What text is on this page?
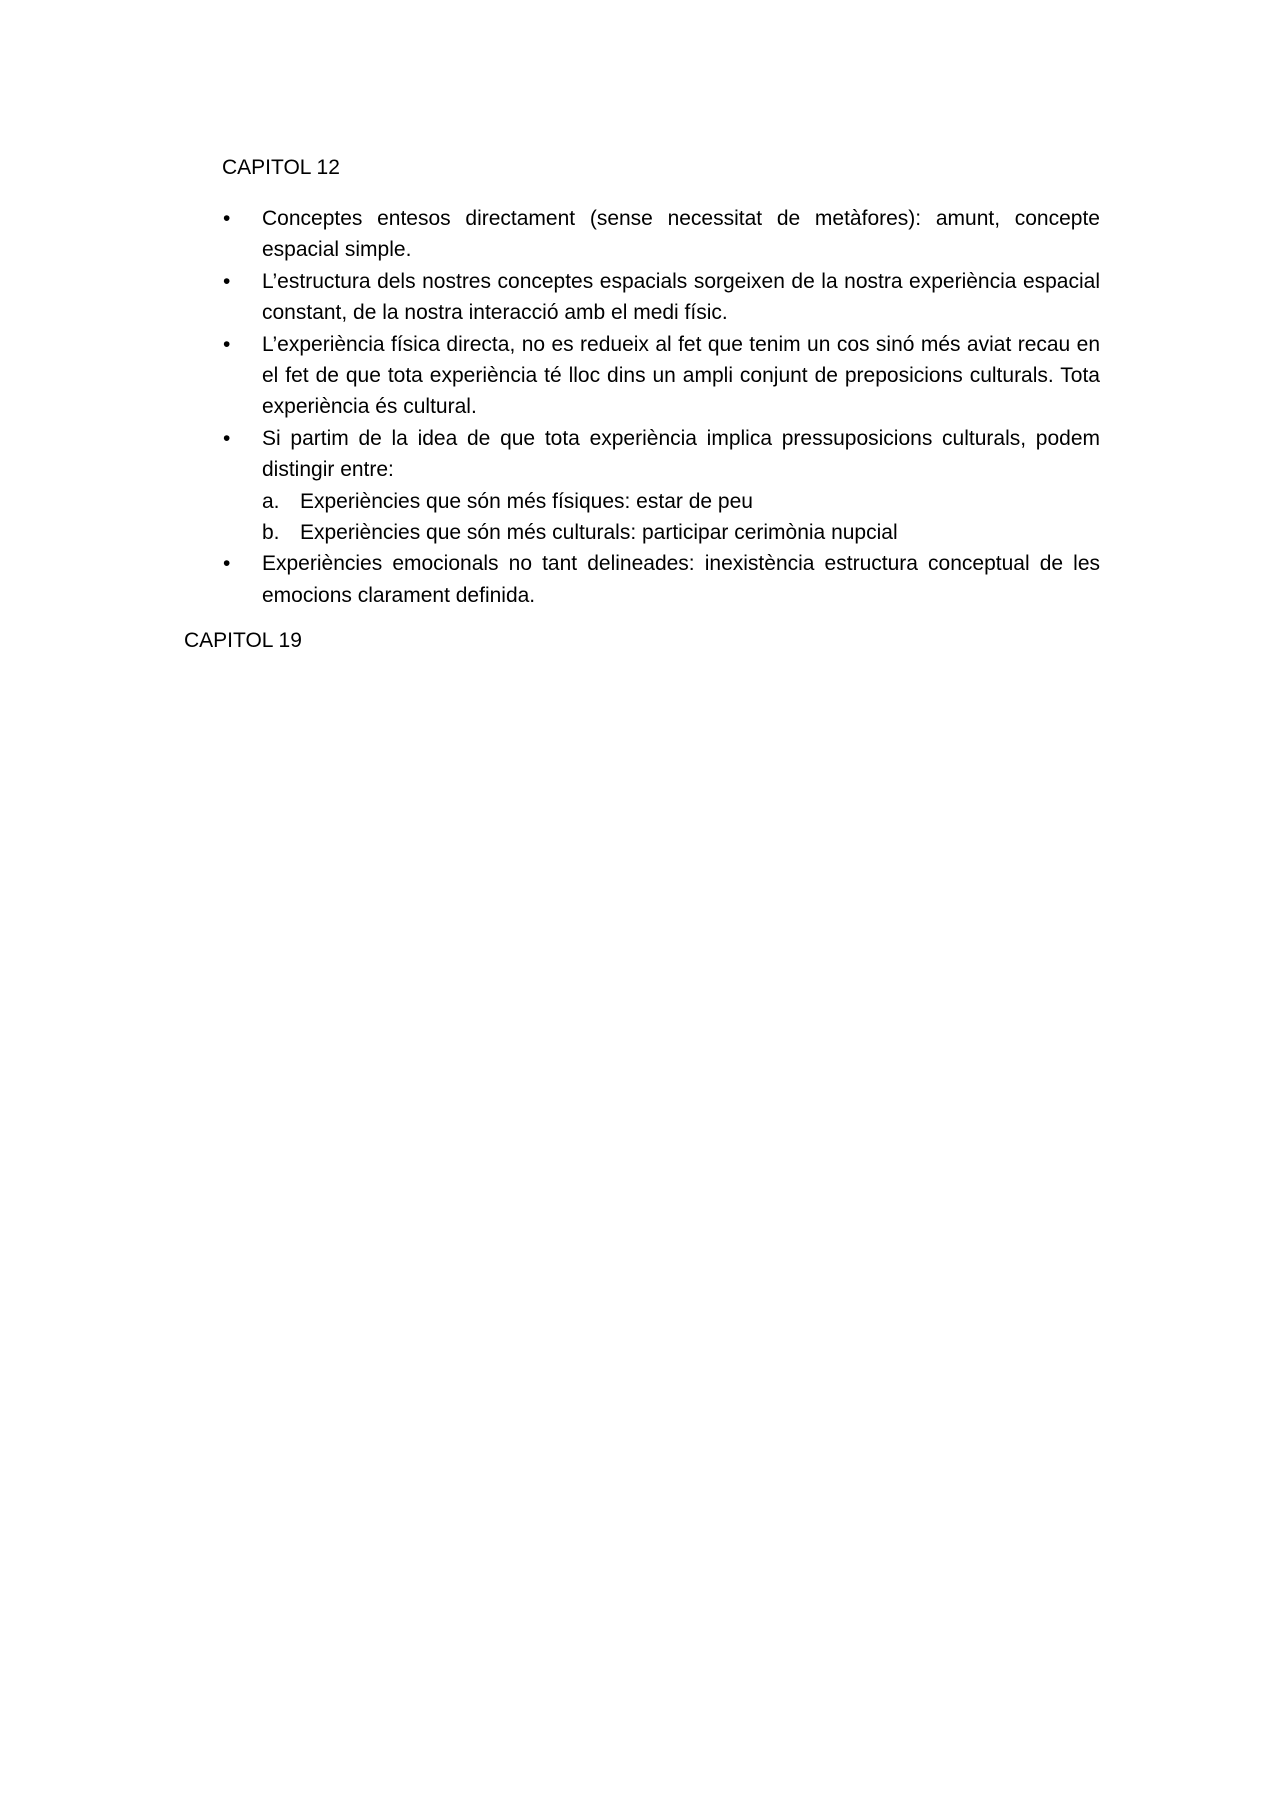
CAPITOL 12

•	Conceptes entesos directament (sense necessitat de metàfores): amunt, concepte espacial simple.
•	L’estructura dels nostres conceptes espacials sorgeixen de la nostra experiència espacial constant, de la nostra interacció amb el medi físic.
•	L’experiència física directa, no es redueix al fet que tenim un cos sinó més aviat recau en el fet de que tota experiència té lloc dins un ampli conjunt de preposicions culturals. Tota experiència és cultural.
•	Si partim de la idea de que tota experiència implica pressuposicions culturals, podem distingir entre:
a. Experiències que són més físiques: estar de peu
b. Experiències que són més culturals: participar cerimònia nupcial
•	Experiències emocionals no tant delineades: inexistència estructura conceptual de les emocions clarament definida.

CAPITOL 19
